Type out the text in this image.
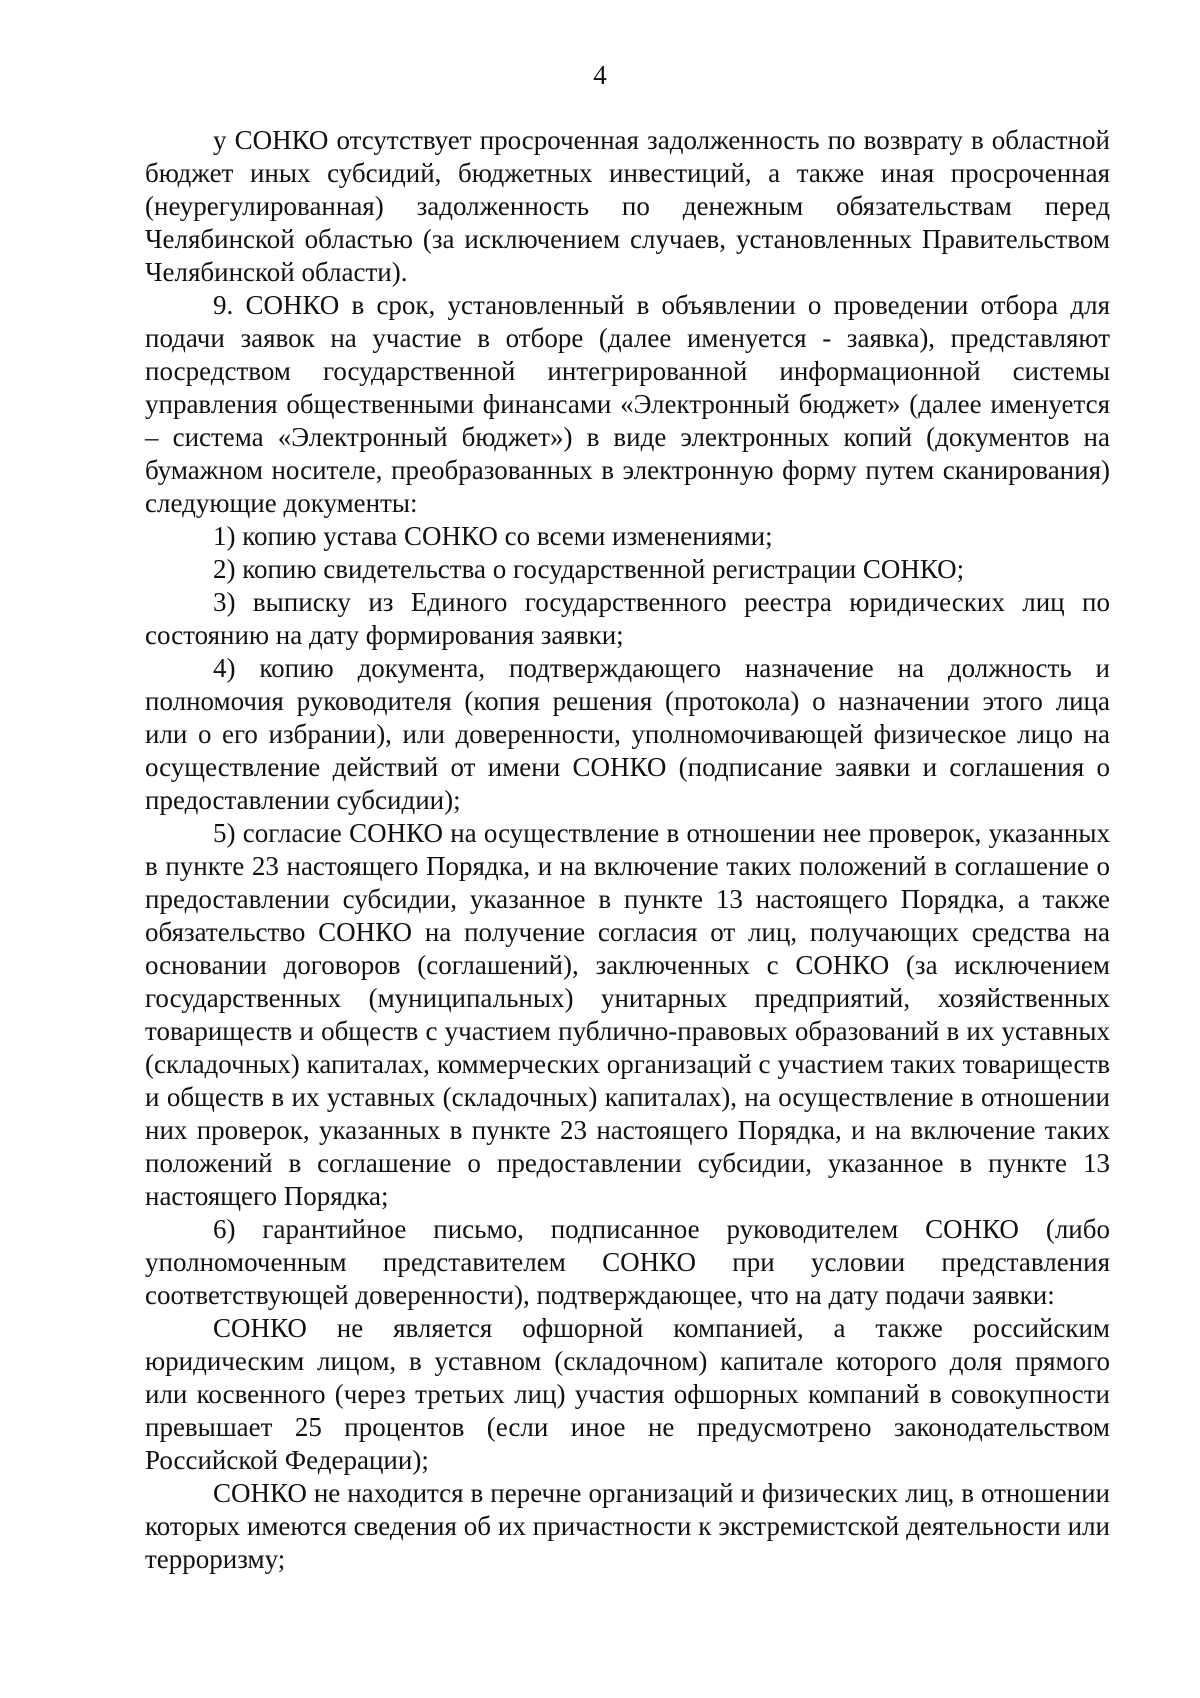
4

у СОНКО отсутствует просроченная задолженность по возврату в областной бюджет иных субсидий, бюджетных инвестиций, а также иная просроченная (неурегулированная) задолженность по денежным обязательствам перед Челябинской областью (за исключением случаев, установленных Правительством Челябинской области).

9. СОНКО в срок, установленный в объявлении о проведении отбора для подачи заявок на участие в отборе (далее именуется - заявка), представляют посредством государственной интегрированной информационной системы управления общественными финансами «Электронный бюджет» (далее именуется – система «Электронный бюджет») в виде электронных копий (документов на бумажном носителе, преобразованных в электронную форму путем сканирования) следующие документы:

1) копию устава СОНКО со всеми изменениями;

2) копию свидетельства о государственной регистрации СОНКО;

3) выписку из Единого государственного реестра юридических лиц по состоянию на дату формирования заявки;

4) копию документа, подтверждающего назначение на должность и полномочия руководителя (копия решения (протокола) о назначении этого лица или о его избрании), или доверенности, уполномочивающей физическое лицо на осуществление действий от имени СОНКО (подписание заявки и соглашения о предоставлении субсидии);

5) согласие СОНКО на осуществление в отношении нее проверок, указанных в пункте 23 настоящего Порядка, и на включение таких положений в соглашение о предоставлении субсидии, указанное в пункте 13 настоящего Порядка, а также обязательство СОНКО на получение согласия от лиц, получающих средства на основании договоров (соглашений), заключенных с СОНКО (за исключением государственных (муниципальных) унитарных предприятий, хозяйственных товариществ и обществ с участием публично-правовых образований в их уставных (складочных) капиталах, коммерческих организаций с участием таких товариществ и обществ в их уставных (складочных) капиталах), на осуществление в отношении них проверок, указанных в пункте 23 настоящего Порядка, и на включение таких положений в соглашение о предоставлении субсидии, указанное в пункте 13 настоящего Порядка;

6) гарантийное письмо, подписанное руководителем СОНКО (либо уполномоченным представителем СОНКО при условии представления соответствующей доверенности), подтверждающее, что на дату подачи заявки:

СОНКО не является офшорной компанией, а также российским юридическим лицом, в уставном (складочном) капитале которого доля прямого или косвенного (через третьих лиц) участия офшорных компаний в совокупности превышает 25 процентов (если иное не предусмотрено законодательством Российской Федерации);

СОНКО не находится в перечне организаций и физических лиц, в отношении которых имеются сведения об их причастности к экстремистской деятельности или терроризму;
